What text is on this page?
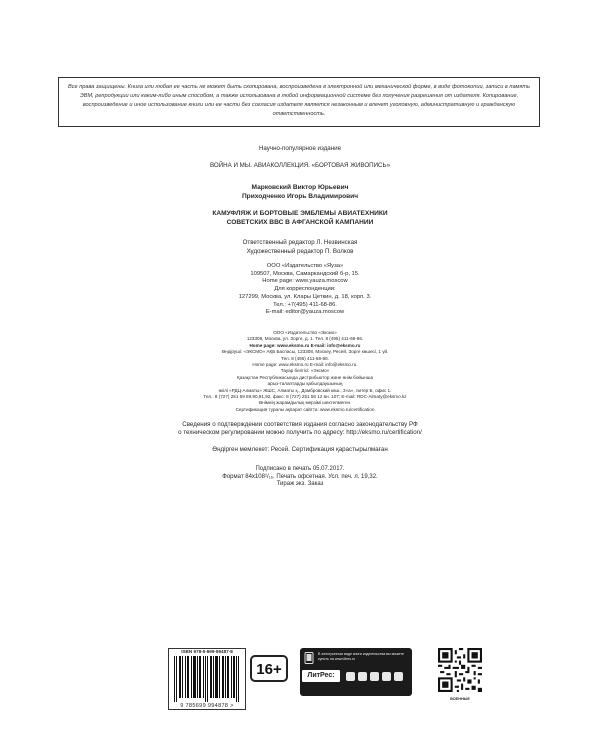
Все права защищены. Книга или любая ее часть не может быть скопирована, воспроизведена в электронной или механической форме, в виде фотокопии, записи в память ЭВМ, репродукции или каким-либо иным способом, а также использована в любой информационной системе без получения разрешения от издателя. Копирование, воспроизведение и иное использование книги или ее части без согласия издателя является незаконным и влечет уголовную, административную и гражданскую ответственность.
Научно-популярное издание
ВОЙНА И МЫ. АВИАКОЛЛЕКЦИЯ. «БОРТОВАЯ ЖИВОПИСЬ»
Марковский Виктор Юрьевич
Приходченко Игорь Владимирович
КАМУФЛЯЖ И БОРТОВЫЕ ЭМБЛЕМЫ АВИАТЕХНИКИ
СОВЕТСКИХ ВВС В АФГАНСКОЙ КАМПАНИИ
Ответственный редактор Л. Незвинская
Художественный редактор П. Волков
ООО «Издательство «Яуза»
109507, Москва, Самаркандский б-р, 15.
Home page: www.yauza.moscow
Для корреспонденции:
127299, Москва, ул. Клары Цеткин, д. 18, корп. 3.
Тел.: +7(495) 411-68-86.
E-mail: editor@yauza.moscow
ООО «Издательство «Эксмо»
123308, Москва, ул. Зорге, д. 1. Тел. 8 (495) 411-68-86.
Home page: www.eksmo.ru E-mail: info@eksmo.ru
Өндіруші: «ЭКСМО» АҚБ Баспасы, 123308, Мәскеу, Ресей, Зорге көшесі, 1 үй.
Тел. 8 (495) 411-68-86.
Home page: www.eksmo.ru E-mail: info@eksmo.ru.
Тауар белгісі: «Эксмо»
Қазақстан Республикасында дистрибьютор және өнім бойынша
арыз-талаптарды қабылдаушының
өкілі «РДЦ-Алматы» ЖШС, Алматы қ., Домбровский көш., 3«а», литер Б, офис 1.
Тел.: 8 (727) 251 59 89,90,91,92, факс: 8 (727) 251 58 12 вн. 107; E-mail: RDC-Almaty@eksmo.kz
Өнімнің жарамдылық мерзімі шектелмеген.
Сертификация туралы ақпарат сайтта: www.eksmo.ru/certification
Сведения о подтверждении соответствия издания согласно законодательству РФ
о техническом регулировании можно получить по адресу: http://eksmo.ru/certification/
Өндірген мемлекет: Ресей. Сертификация қарастырылмаған
Подписано в печать 05.07.2017.
Формат 84x108¹/₁₆. Печать офсетная. Усл. печ. л. 19,32.
Тираж экз. Заказ
ISBN 978-5-699-99487-8
9 785699 994878 >
16+
В электронном виде книги издательства вы можете купить на www.litres.ru
ЛитРес:
ВОЕННЫЕ
